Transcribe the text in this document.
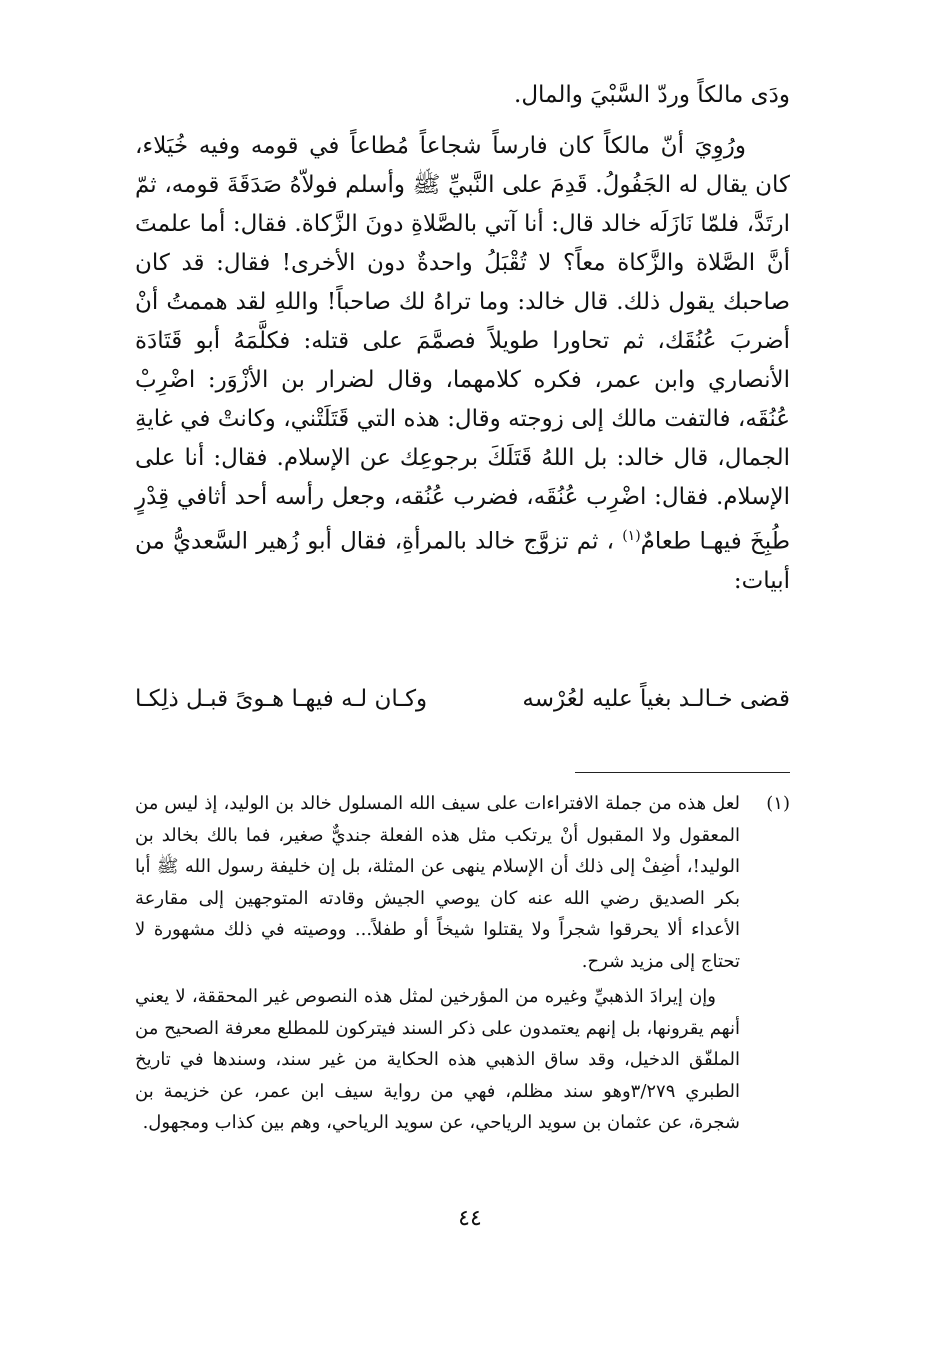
ودَى مالكاً وردّ السَّبْيَ والمال.

ورُوِيَ أنّ مالكاً كان فارساً شجاعاً مُطاعاً في قومه وفيه خُيَلاء، كان يقال له الجَفُولُ. قَدِمَ على النَّبيِّ ﷺ وأسلم فولاّهُ صَدَقَةَ قومه، ثمّ ارتَدَّ، فلمّا نَازَلَه خالد قال: أنا آتي بالصَّلاةِ دونَ الزَّكاة. فقال: أما علمتَ أنَّ الصَّلاة والزَّكاة معاً؟ لا تُقْبَلُ واحدةٌ دون الأخرى! فقال: قد كان صاحبك يقول ذلك. قال خالد: وما تراهُ لك صاحباً! واللهِ لقد هممتُ أنْ أضربَ عُنُقَك، ثم تحاورا طويلاً فصمَّمَ على قتله: فكلَّمَهُ أبو قَتَادَة الأنصاري وابن عمر، فكره كلامهما، وقال لضرار بن الأزْوَر: اضْرِبْ عُنُقَه، فالتفت مالك إلى زوجته وقال: هذه التي قَتَلَتْني، وكانتْ في غايةِ الجمال، قال خالد: بل اللهُ قَتَلَكَ برجوعِك عن الإسلام. فقال: أنا على الإسلام. فقال: اضْرِب عُنُقَه، فضرب عُنُقه، وجعل رأسه أحد أثافي قِدْرٍ طُبِخَ فيهـا طعامٌ$^{(١)}$ ، ثم تزوَّج خالد بالمرأةِ، فقال أبو زُهير السَّعديُّ من أبيات:

قضى خـالـد بغياً عليه لعُرْسه
وكـان لـه فيهـا هـوىً قبـل ذلِكـا
(١)

لعل هذه من جملة الافتراءات على سيف الله المسلول خالد بن الوليد، إذ ليس من المعقول ولا المقبول أنْ يرتكب مثل هذه الفعلة جنديٌّ صغير، فما بالك بخالد بن الوليد!، أضِفْ إلى ذلك أن الإسلام ينهى عن المثلة، بل إن خليفة رسول الله ﷺ أبا بكر الصديق رضي الله عنه كان يوصي الجيش وقادته المتوجهين إلى مقارعة الأعداء ألا يحرقوا شجراً ولا يقتلوا شيخاً أو طفلاً... ووصيته في ذلك مشهورة لا تحتاج إلى مزيد شرح.

وإن إيرادَ الذهبيِّ وغيره من المؤرخين لمثل هذه النصوص غير المحققة، لا يعني أنهم يقرونها، بل إنهم يعتمدون على ذكر السند فيتركون للمطلع معرفة الصحيح من الملفّق الدخيل، وقد ساق الذهبي هذه الحكاية من غير سند، وسندها في تاريخ الطبري ٣/٢٧٩وهو سند مظلم، فهي من رواية سيف ابن عمر، عن خزيمة بن شجرة، عن عثمان بن سويد الرياحي، عن سويد الرياحي، وهم بين كذاب ومجهول.

٤٤
